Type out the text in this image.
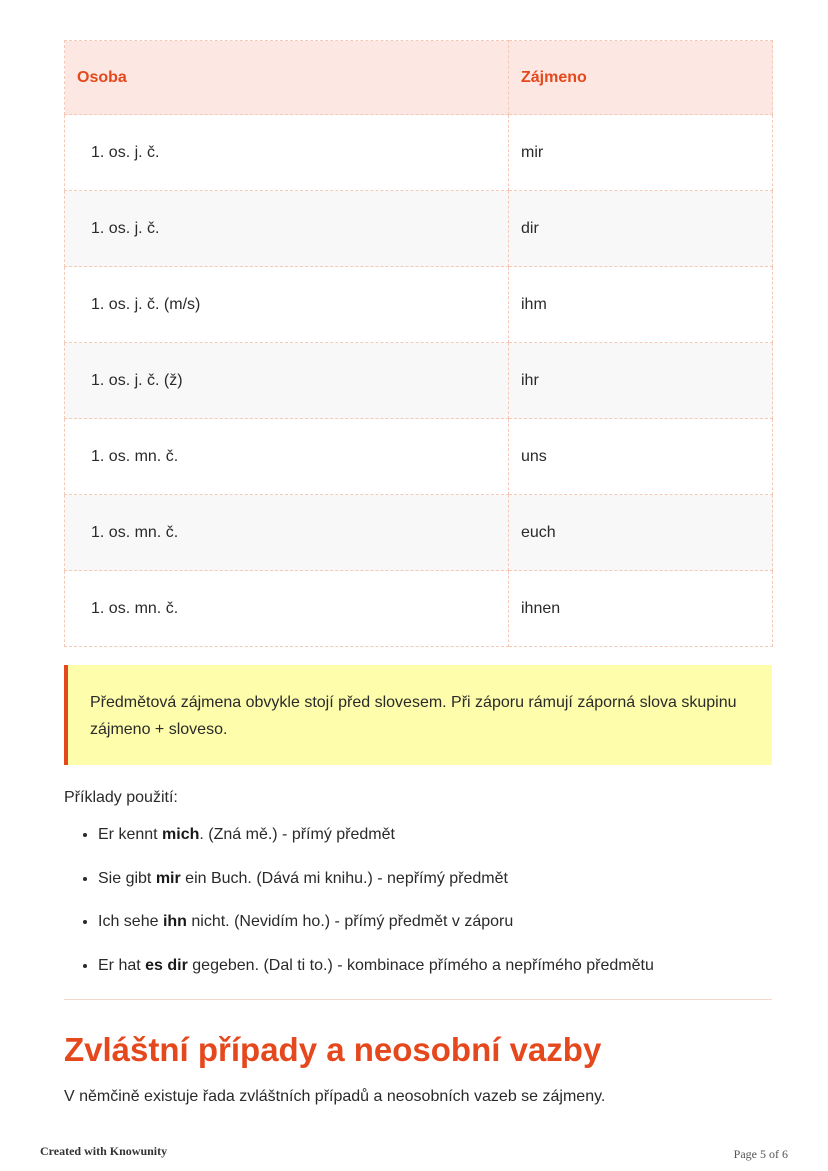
Osoba	Zájmeno
1. os. j. č.	mir
1. os. j. č.	dir
1. os. j. č. (m/s)	ihm
1. os. j. č. (ž)	ihr
1. os. mn. č.	uns
1. os. mn. č.	euch
1. os. mn. č.	ihnen
Předmětová zájmena obvykle stojí před slovesem. Při záporu rámují záporná slova skupinu zájmeno + sloveso.
Příklady použití:
• Er kennt mich. (Zná mě.) - přímý předmět
• Sie gibt mir ein Buch. (Dává mi knihu.) - nepřímý předmět
• Ich sehe ihn nicht. (Nevidím ho.) - přímý předmět v záporu
• Er hat es dir gegeben. (Dal ti to.) - kombinace přímého a nepřímého předmětu
Zvláštní případy a neosobní vazby
V němčině existuje řada zvláštních případů a neosobních vazeb se zájmeny.
Created with Knowunity	Page 5 of 6
